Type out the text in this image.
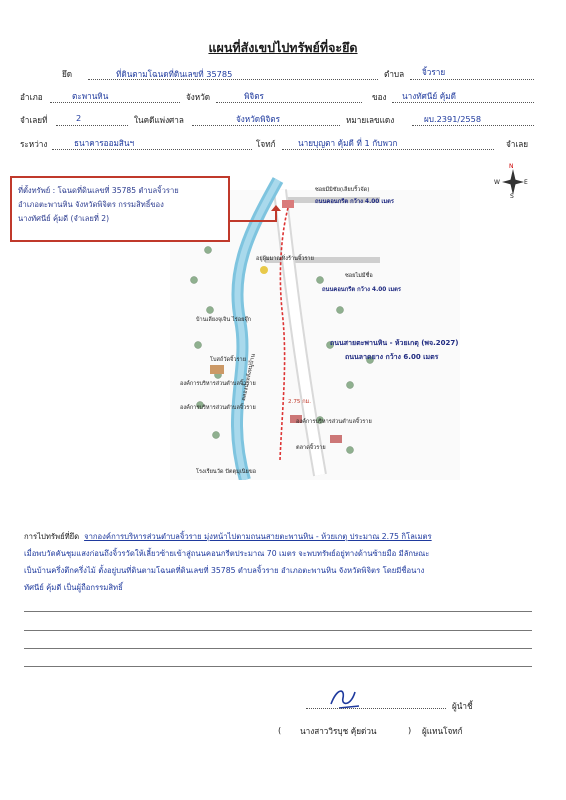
แผนที่สังเขปไปทรัพย์ที่จะยึด
ยึด	ที่ดินตามโฉนดที่ดินเลขที่ 35785	ตำบล จิ้วราย
อำเภอ	ตะพานหิน	จังหวัด	พิจิตร	ของ นางทัศนีย์ คุ้มดี
จำเลยที่	2	ในคดีแพ่งศาล	จังหวัดพิจิตร	หมายเลขแดง	ผบ.2391/2558
ระหว่าง	ธนาคารออมสินฯ	โจทก์	นายบุญตา คุ้มดี ที่ 1 กับพวก	จำเลย
ซอยมีมิชัย(เลียบริ้วจัด)
ถนนคอนกรีต กว้าง 4.00 เมตร
อยู่ผู้มมาณทิ่งร้านจิ้วราย
ซอยไม่มีชื่อ
ถนนคอนกรีต กว้าง 4.00 เมตร
ถนนสายตะพานหิน - ห้วยเกตุ (พจ.2027)
ถนนลาดยาง กว้าง 6.00 เมตร
บ้านเลียงจุเจิน ไร่อยจุ๊ก
โบสถ์วัดจิ้วราย
องค์การบริหารส่วนตำบลจิ้วราย
องค์การบริหารส่วนตำบลจิ้วราย
องค์การบริหารส่วนตำบลจิ้วราย
ตลาดจิ้วราย
2.75 กม.
โรงเรียนวัด ปัตตุมุเนิยขอ
คลองน้ำหลังหมู่บ้าน
N
S
E
W
ที่ตั้งทรัพย์ : โฉนดที่ดินเลขที่ 35785 ตำบลจิ้วราย
อำเภอตะพานหิน จังหวัดพิจิตร กรรมสิทธิ์ของ
นางทัศนีย์ คุ้มดี (จำเลยที่ 2)
การไปทรัพย์ที่ยึด จากองค์การบริหารส่วนตำบลจิ้วราย มุ่งหน้าไปตามถนนสายตะพานหิน - ห้วยเกตุ ประมาณ 2.75 กิโลเมตร
เมื่อพบวัดคันชุมแสงก่อนถึงจิ้วรวัดให้เลี้ยวซ้ายเข้าสู่ถนนคอนกรีตประมาณ 70 เมตร จะพบทรัพย์อยู่ทางด้านซ้ายมือ มีลักษณะ
เป็นบ้านครึ่งตึกครึ่งไม้ ตั้งอยู่บนที่ดินตามโฉนดที่ดินเลขที่ 35785 ตำบลจิ้วราย อำเภอตะพานหิน จังหวัดพิจิตร โดยมีชื่อนาง
ทัศนีย์ คุ้มดี เป็นผู้ถือกรรมสิทธิ์
ผู้นำชี้
( นางสาววิรบุช คุ้ยด่วน	) ผู้แทนโจทก์
